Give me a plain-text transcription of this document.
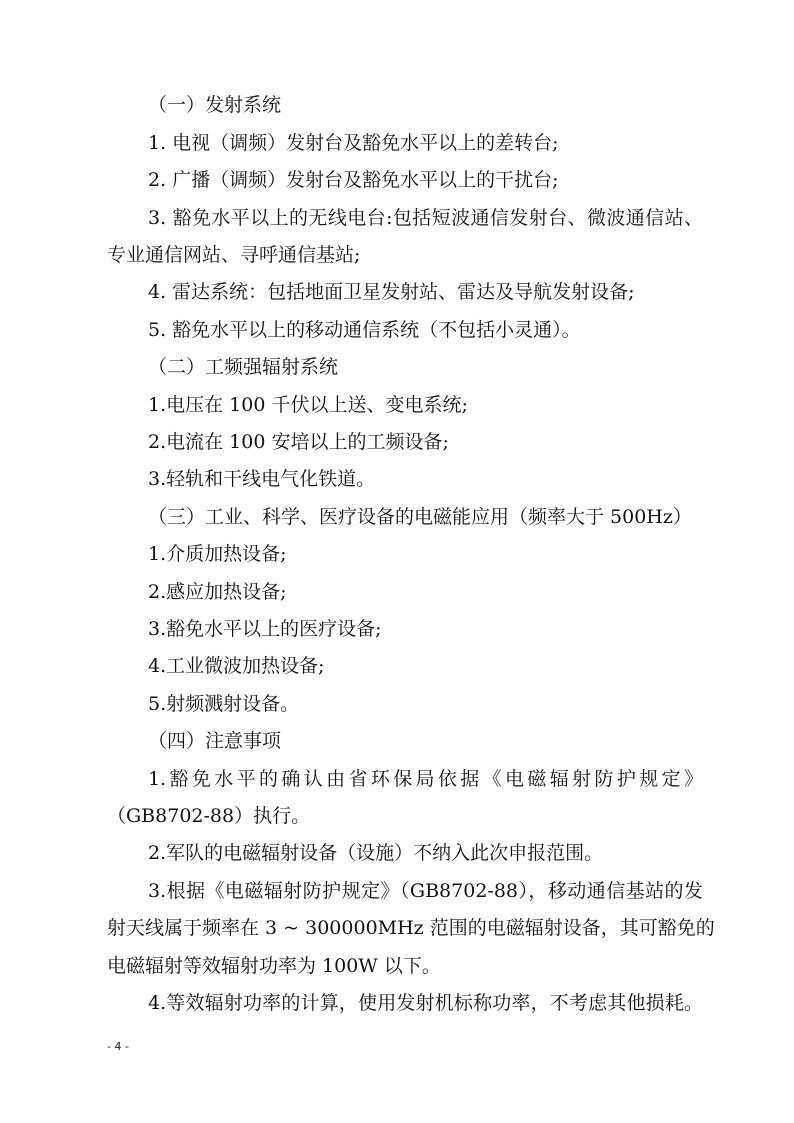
（一）发射系统
1. 电视（调频）发射台及豁免水平以上的差转台;
2. 广播（调频）发射台及豁免水平以上的干扰台;
3. 豁免水平以上的无线电台:包括短波通信发射台、微波通信站、
专业通信网站、寻呼通信基站;
4. 雷达系统：包括地面卫星发射站、雷达及导航发射设备;
5. 豁免水平以上的移动通信系统（不包括小灵通）。
（二）工频强辐射系统
1.电压在 100 千伏以上送、变电系统;
2.电流在 100 安培以上的工频设备;
3.轻轨和干线电气化铁道。
（三）工业、科学、医疗设备的电磁能应用（频率大于 500Hz）
1.介质加热设备;
2.感应加热设备;
3.豁免水平以上的医疗设备;
4.工业微波加热设备;
5.射频溅射设备。
（四）注意事项
1.豁免水平的确认由省环保局依据《电磁辐射防护规定》
（GB8702-88）执行。
2.军队的电磁辐射设备（设施）不纳入此次申报范围。
3.根据《电磁辐射防护规定》（GB8702-88），移动通信基站的发
射天线属于频率在 3 ~ 300000MHz 范围的电磁辐射设备，其可豁免的
电磁辐射等效辐射功率为 100W 以下。
4.等效辐射功率的计算，使用发射机标称功率，不考虑其他损耗。
- 4 -
